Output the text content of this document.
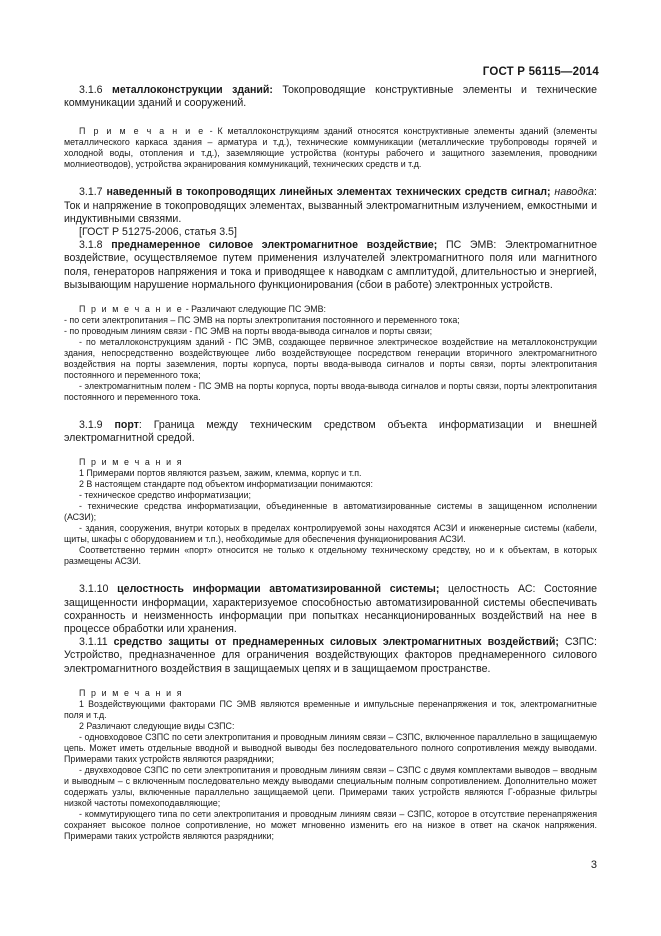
ГОСТ Р 56115—2014

3.1.6 металлоконструкции зданий: Токопроводящие конструктивные элементы и технические коммуникации зданий и сооружений.

П р и м е ч а н и е - К металлоконструкциям зданий относятся конструктивные элементы зданий (элементы металлического каркаса здания – арматура и т.д.), технические коммуникации (металлические трубопроводы горячей и холодной воды, отопления и т.д.), заземляющие устройства (контуры рабочего и защитного заземления, проводники молниеотводов), устройства экранирования коммуникаций, технических средств и т.д.

3.1.7 наведенный в токопроводящих линейных элементах технических средств сигнал; наводка: Ток и напряжение в токопроводящих элементах, вызванный электромагнитным излучением, емкостными и индуктивными связями.

[ГОСТ Р 51275-2006, статья 3.5]

3.1.8 преднамеренное силовое электромагнитное воздействие; ПС ЭМВ: Электромагнитное воздействие, осуществляемое путем применения излучателей электромагнитного поля или магнитного поля, генераторов напряжения и тока и приводящее к наводкам с амплитудой, длительностью и энергией, вызывающим нарушение нормального функционирования (сбои в работе) электронных устройств.

П р и м е ч а н и е - Различают следующие ПС ЭМВ:

- по сети электропитания – ПС ЭМВ на порты электропитания постоянного и переменного тока;

- по проводным линиям связи - ПС ЭМВ на порты ввода-вывода сигналов и порты связи;

- по металлоконструкциям зданий - ПС ЭМВ, создающее первичное электрическое воздействие на металлоконструкции здания, непосредственно воздействующее либо воздействующее посредством генерации вторичного электромагнитного воздействия на порты заземления, порты корпуса, порты ввода-вывода сигналов и порты связи, порты электропитания постоянного и переменного тока;

- электромагнитным полем - ПС ЭМВ на порты корпуса, порты ввода-вывода сигналов и порты связи, порты электропитания постоянного и переменного тока.

3.1.9 порт: Граница между техническим средством объекта информатизации и внешней электромагнитной средой.

П р и м е ч а н и я

1 Примерами портов являются разъем, зажим, клемма, корпус и т.п.

2 В настоящем стандарте под объектом информатизации понимаются:

- техническое средство информатизации;

- технические средства информатизации, объединенные в автоматизированные системы в защищенном исполнении (АСЗИ);

- здания, сооружения, внутри которых в пределах контролируемой зоны находятся АСЗИ и инженерные системы (кабели, щиты, шкафы с оборудованием и т.п.), необходимые для обеспечения функционирования АСЗИ.

Соответственно термин «порт» относится не только к отдельному техническому средству, но и к объектам, в которых размещены АСЗИ.

3.1.10 целостность информации автоматизированной системы; целостность АС: Состояние защищенности информации, характеризуемое способностью автоматизированной системы обеспечивать сохранность и неизменность информации при попытках несанкционированных воздействий на нее в процессе обработки или хранения.

3.1.11 средство защиты от преднамеренных силовых электромагнитных воздействий; СЗПС: Устройство, предназначенное для ограничения воздействующих факторов преднамеренного силового электромагнитного воздействия в защищаемых цепях и в защищаемом пространстве.

П р и м е ч а н и я

1 Воздействующими факторами ПС ЭМВ являются временные и импульсные перенапряжения и ток, электромагнитные поля и т.д.

2 Различают следующие виды СЗПС:

- одновходовое СЗПС по сети электропитания и проводным линиям связи – СЗПС, включенное параллельно в защищаемую цепь. Может иметь отдельные вводной и выводной выводы без последовательного полного сопротивления между выводами. Примерами таких устройств являются разрядники;

- двухвходовое СЗПС по сети электропитания и проводным линиям связи – СЗПС с двумя комплектами выводов – вводным и выводным – с включенным последовательно между выводами специальным полным сопротивлением. Дополнительно может содержать узлы, включенные параллельно защищаемой цепи. Примерами таких устройств являются Г-образные фильтры низкой частоты помехоподавляющие;

- коммутирующего типа по сети электропитания и проводным линиям связи – СЗПС, которое в отсутствие перенапряжения сохраняет высокое полное сопротивление, но может мгновенно изменить его на низкое в ответ на скачок напряжения. Примерами таких устройств являются разрядники;

3
